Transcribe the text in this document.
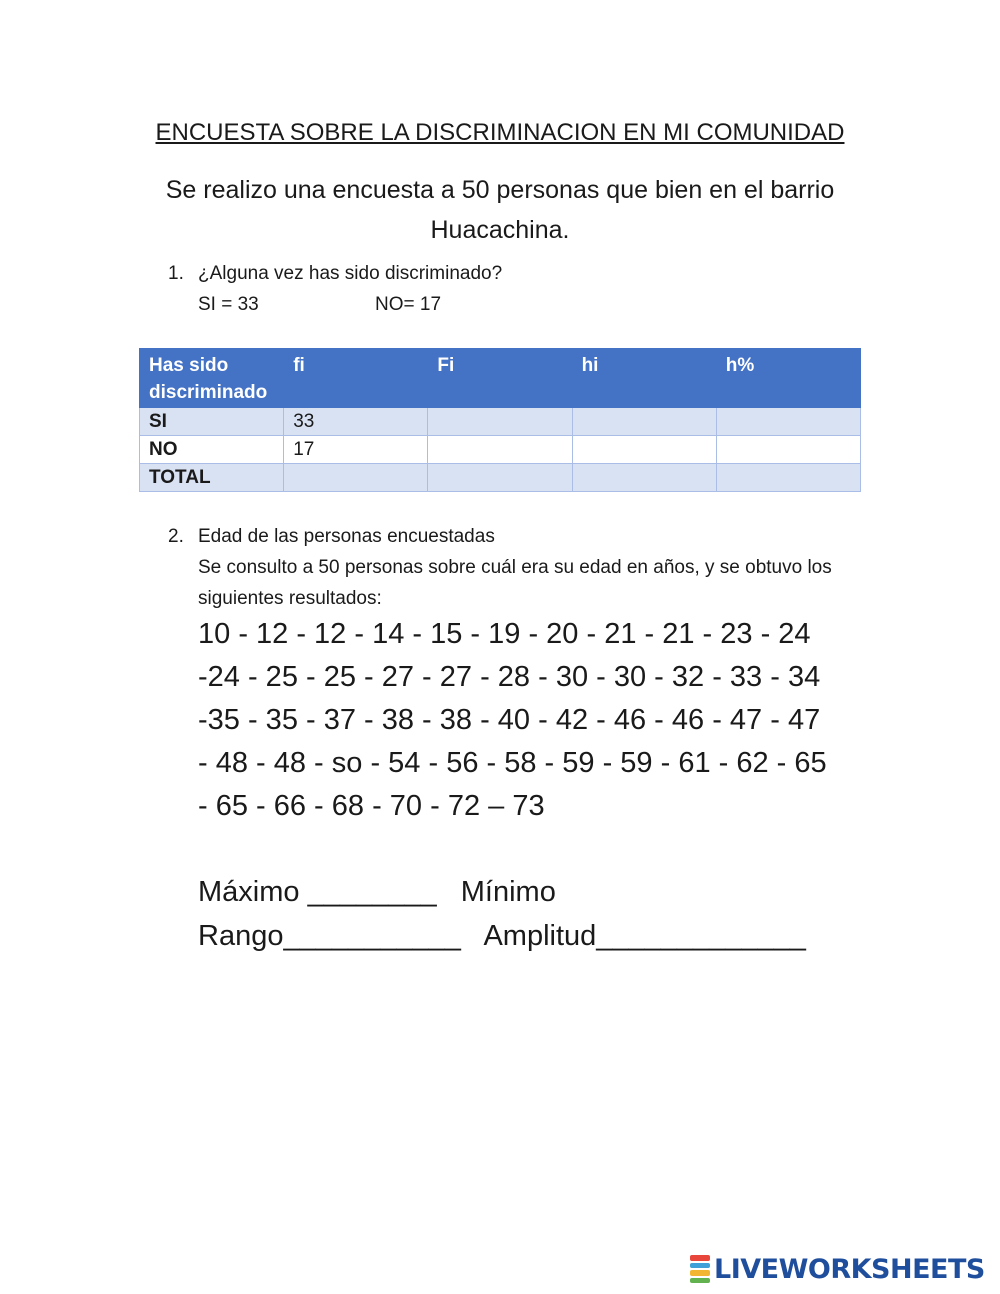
ENCUESTA SOBRE LA DISCRIMINACION EN MI COMUNIDAD
Se realizo una encuesta a 50 personas que bien en el barrio
Huacachina.
1. ¿Alguna vez has sido discriminado?
SI = 33	NO= 17
Has sido discriminado	fi	Fi	hi	h%
SI	33			
NO	17			
TOTAL				
2. Edad de las personas encuestadas
Se consulto a 50 personas sobre cuál era su edad en años, y se obtuvo los siguientes resultados:
10 - 12 - 12 - 14 - 15 - 19 - 20 - 21 - 21 - 23 - 24
-24 - 25 - 25 - 27 - 27 - 28 - 30 - 30 - 32 - 33 - 34
-35 - 35 - 37 - 38 - 38 - 40 - 42 - 46 - 46 - 47 - 47
- 48 - 48 - so - 54 - 56 - 58 - 59 - 59 - 61 - 62 - 65
- 65 - 66 - 68 - 70 - 72 – 73
Máximo ________   Mínimo
Rango___________   Amplitud_____________
LIVEWORKSHEETS
